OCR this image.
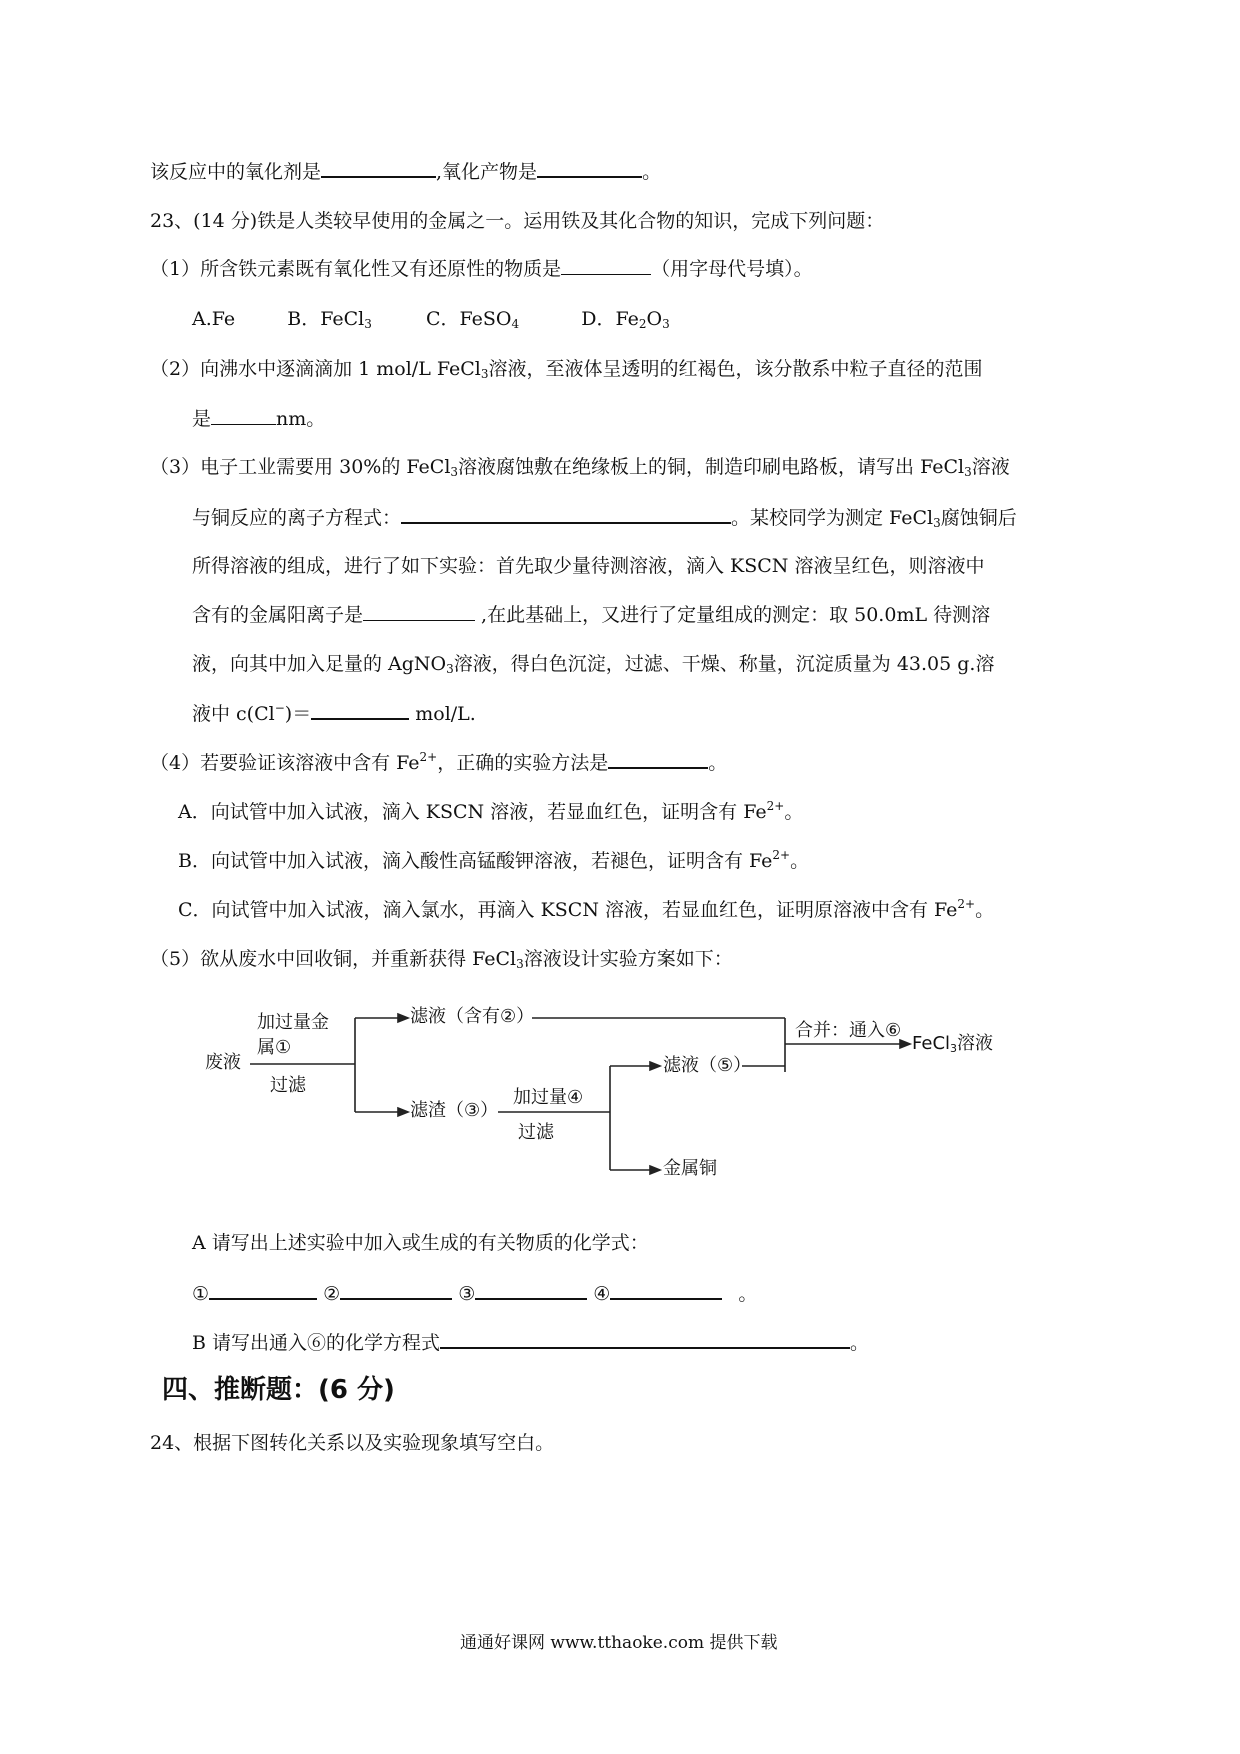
该反应中的氧化剂是	,氧化产物是	。
23、(14 分)铁是人类较早使用的金属之一。运用铁及其化合物的知识，完成下列问题：
（1）所含铁元素既有氧化性又有还原性的物质是	（用字母代号填）。
A.Fe	B．FeCl$_3$	C．FeSO$_4$	D．$Fe_2O_3$
（2）向沸水中逐滴滴加 1 mol/L FeCl$_3$溶液，至液体呈透明的红褐色，该分散系中粒子直径的范围
是	nm。
（3）电子工业需要用 30%的 FeCl$_3$溶液腐蚀敷在绝缘板上的铜，制造印刷电路板，请写出 FeCl$_3$溶液
与铜反应的离子方程式：	。某校同学为测定 FeCl$_3$腐蚀铜后
所得溶液的组成，进行了如下实验：首先取少量待测溶液，滴入 KSCN 溶液呈红色，则溶液中
含有的金属阳离子是	,在此基础上，又进行了定量组成的测定：取 50.0mL 待测溶
液，向其中加入足量的 AgNO$_3$溶液，得白色沉淀，过滤、干燥、称量，沉淀质量为 43.05 g.溶
液中 c(Cl−)＝	mol/L.
（4）若要验证该溶液中含有 $Fe^{2+}$，正确的实验方法是	。
A．向试管中加入试液，滴入 KSCN 溶液，若显血红色，证明含有 $Fe^{2+}$。
B．向试管中加入试液，滴入酸性高锰酸钾溶液，若褪色，证明含有 $Fe^{2+}$。
C．向试管中加入试液，滴入氯水，再滴入 KSCN 溶液，若显血红色，证明原溶液中含有 $Fe^{2+}$。
（5）欲从废水中回收铜，并重新获得 FeCl$_3$溶液设计实验方案如下：
废液
加过量金
属①
过滤
滤液（含有②）
滤渣（③）
加过量④
过滤
滤液（⑤）
金属铜
合并：通入⑥
FeCl$_3$溶液
A 请写出上述实验中加入或生成的有关物质的化学式：
①	②	③	④	。
B 请写出通入⑥的化学方程式	。
四、推断题：(6 分)
24、根据下图转化关系以及实验现象填写空白。
通通好课网 www.tthaoke.com 提供下载
